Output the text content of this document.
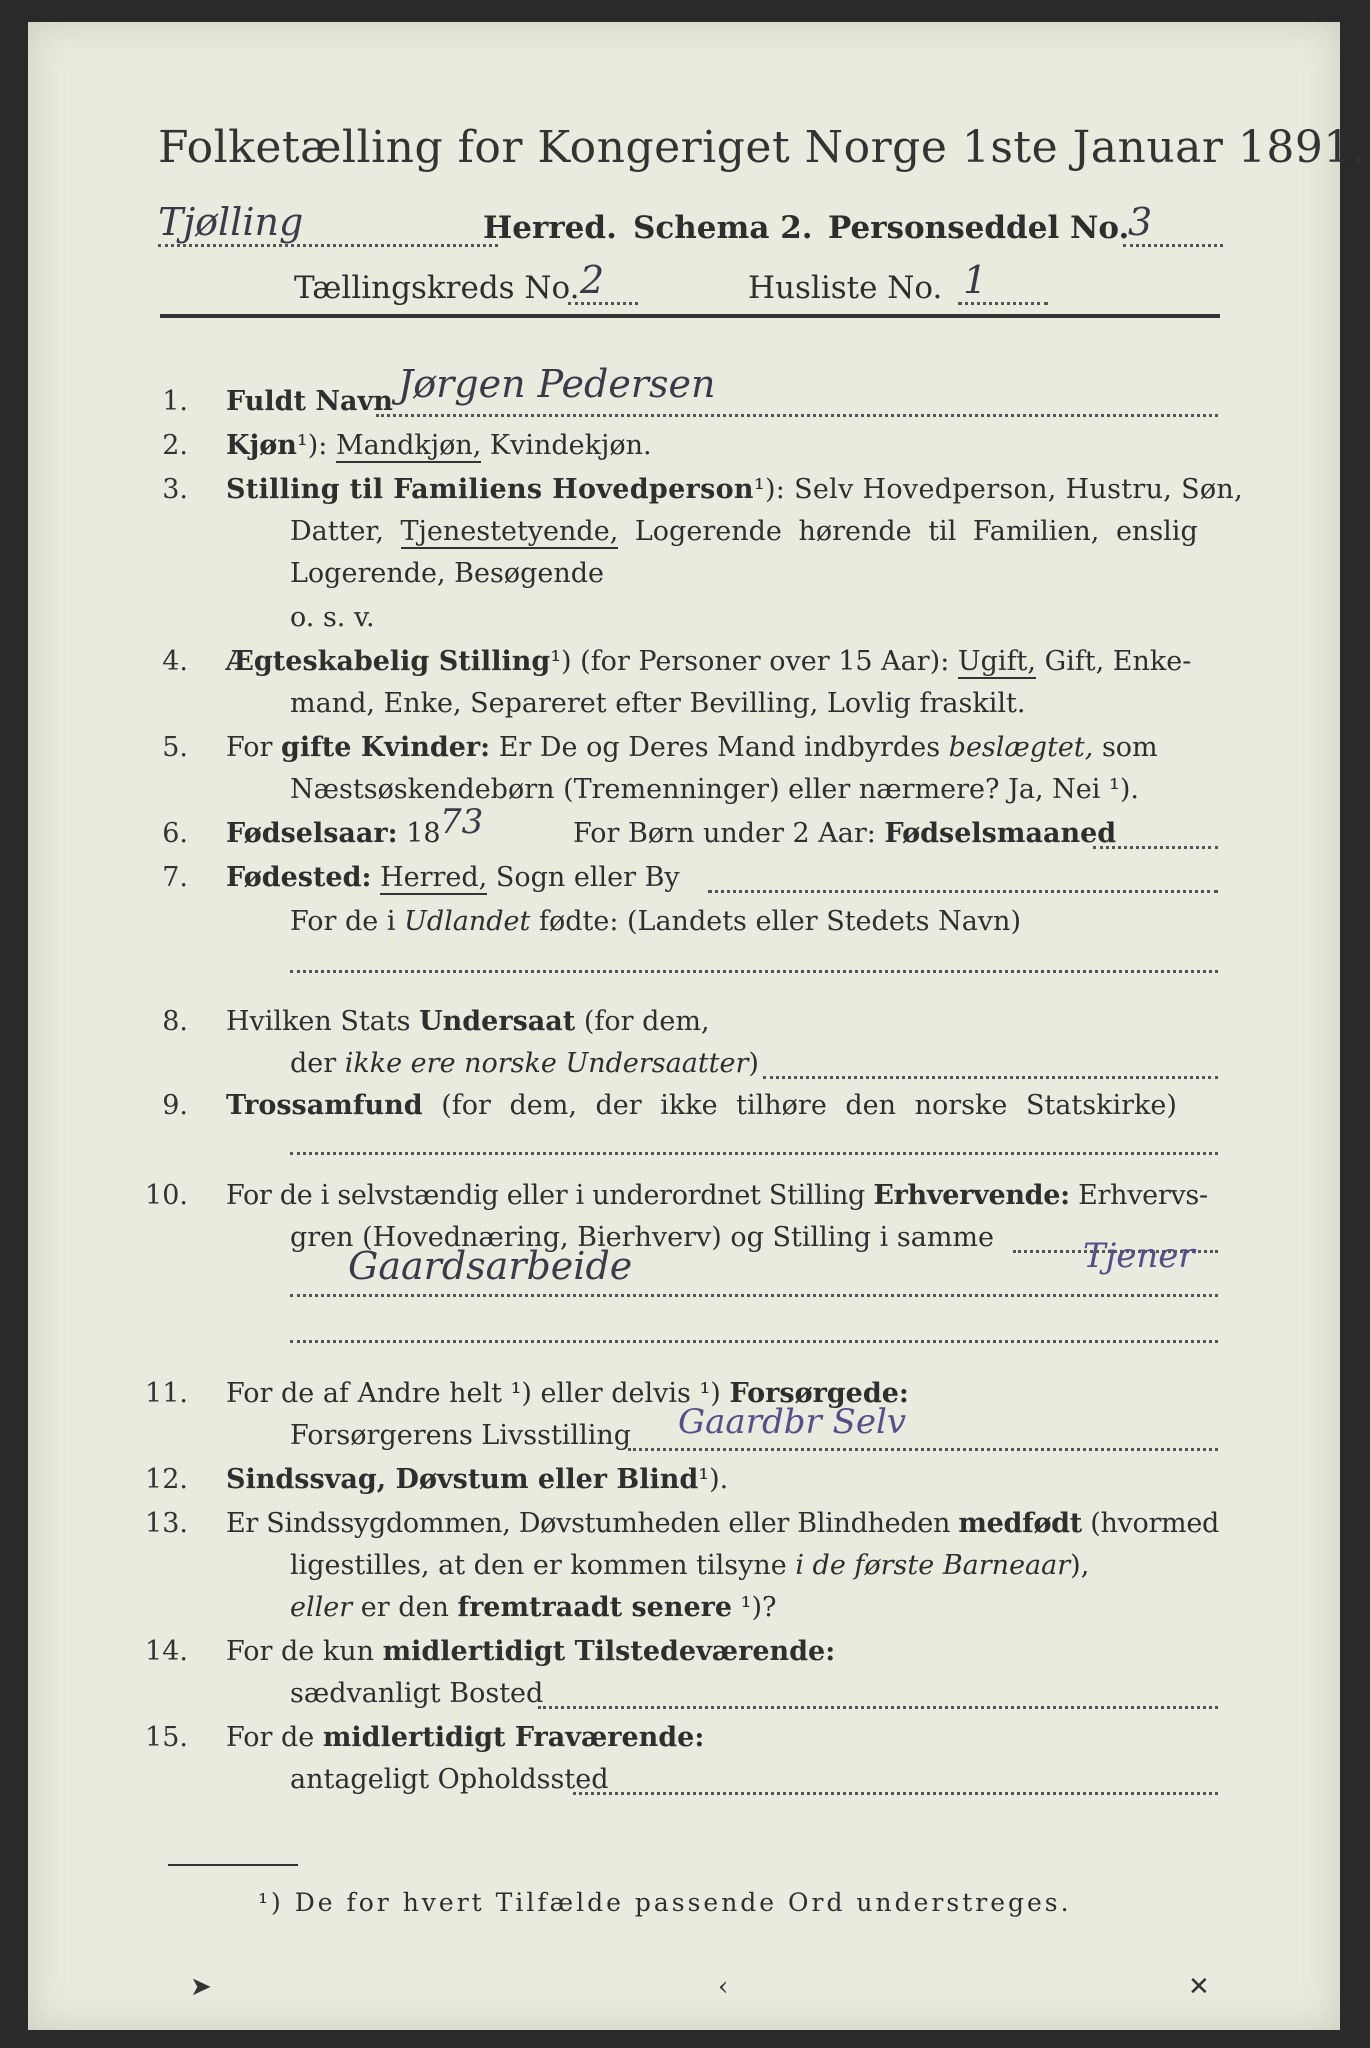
Folketælling for Kongeriget Norge 1ste Januar 1891.
Tjølling	Herred. Schema 2. Personseddel No.
3
Tællingskreds No. 2	Husliste No. 1
1. Fuldt Navn Jørgen Pedersen
2. Kjøn¹): Mandkjøn, Kvindekjøn.
3. Stilling til Familiens Hovedperson¹): Selv Hovedperson, Hustru, Søn,
Datter, Tjenestetyende, Logerende hørende til Familien, enslig
Logerende, Besøgende
o. s. v.
4. Ægteskabelig Stilling¹) (for Personer over 15 Aar): Ugift, Gift, Enke-
mand, Enke, Separeret efter Bevilling, Lovlig fraskilt.
5. For gifte Kvinder: Er De og Deres Mand indbyrdes beslægtet, som
Næstsøskendebørn (Tremenninger) eller nærmere? Ja, Nei ¹).
6. Fødselsaar: 18 73	For Børn under 2 Aar: Fødselsmaaned
7. Fødested: Herred, Sogn eller By
For de i Udlandet fødte: (Landets eller Stedets Navn)
8. Hvilken Stats Undersaat (for dem,
der ikke ere norske Undersaatter)
9. Trossamfund (for dem, der ikke tilhøre den norske Statskirke)
10. For de i selvstændig eller i underordnet Stilling Erhvervende: Erhvervs-
gren (Hovednæring, Bierhverv) og Stilling i samme
Gaardsarbeide	Tjener
11. For de af Andre helt ¹) eller delvis ¹) Forsørgede:
Forsørgerens Livsstilling Gaardbr Selv
12. Sindssvag, Døvstum eller Blind¹).
13. Er Sindssygdommen, Døvstumheden eller Blindheden medfødt (hvormed
ligestilles, at den er kommen tilsyne i de første Barneaar),
eller er den fremtraadt senere ¹)?
14. For de kun midlertidigt Tilstedeværende:
sædvanligt Bosted
15. For de midlertidigt Fraværende:
antageligt Opholdssted
¹) De for hvert Tilfælde passende Ord understreges.
➤	‹	✕
